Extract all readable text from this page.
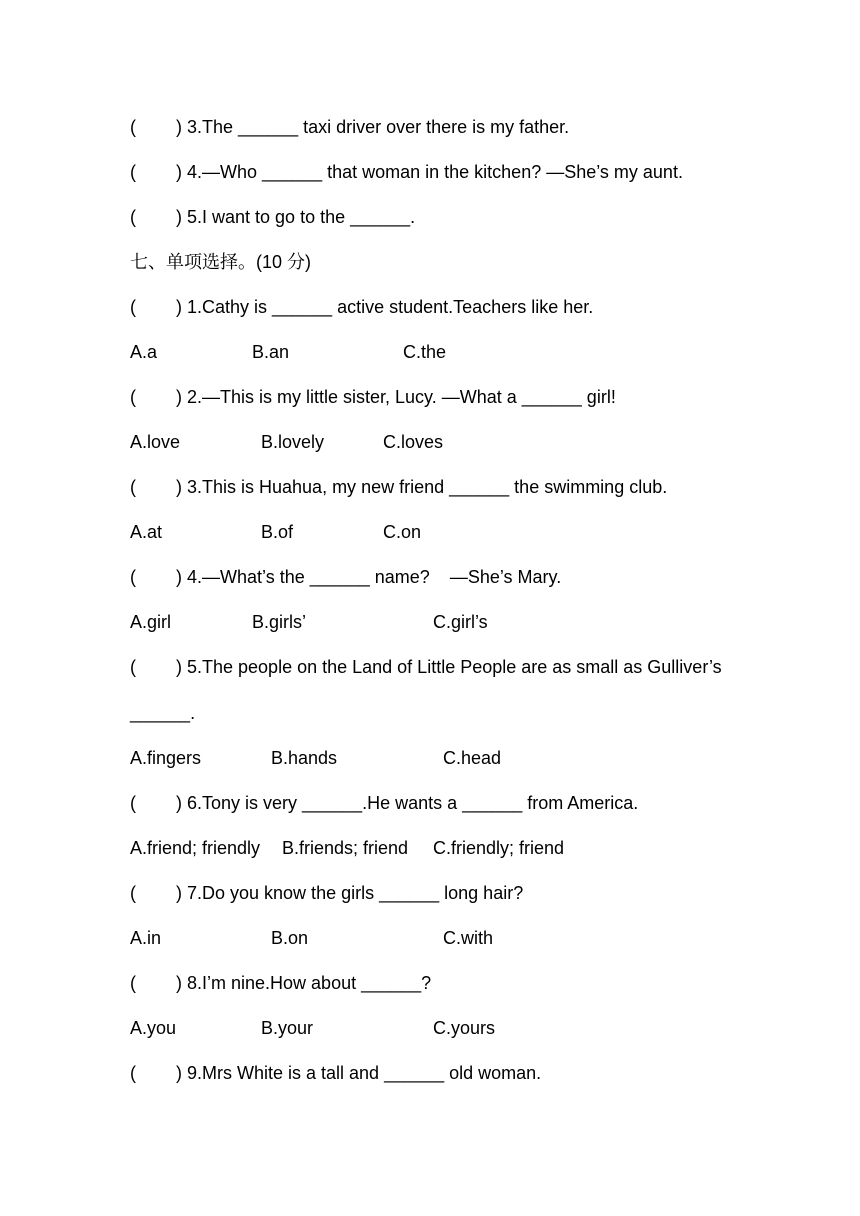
(	) 3.The ______ taxi driver over there is my father.
(	) 4.—Who ______ that woman in the kitchen? —She’s my aunt.
(	) 5.I want to go to the ______.
七、单项选择。(10 分)
(	) 1.Cathy is ______ active student.Teachers like her.

A.a

	B.an

	C.the

(	) 2.—This is my little sister, Lucy. —What a ______ girl!

A.love

	B.lovely

	C.loves

(	) 3.This is Huahua, my new friend ______ the swimming club.

A.at

	B.of

	C.on

(	) 4.—What’s the ______ name?    —She’s Mary.

A.girl

	B.girls’

	C.girl’s

(	) 5.The people on the Land of Little People are as small as Gulliver’s
______.

A.fingers

	B.hands

	C.head

(	) 6.Tony is very ______.He wants a ______ from America.

A.friend; friendly

B.friends; friend

C.friendly; friend

(	) 7.Do you know the girls ______ long hair?

A.in

	B.on

	C.with

(	) 8.I’m nine.How about ______?

A.you

	B.your

	C.yours

(	) 9.Mrs White is a tall and ______ old woman.
